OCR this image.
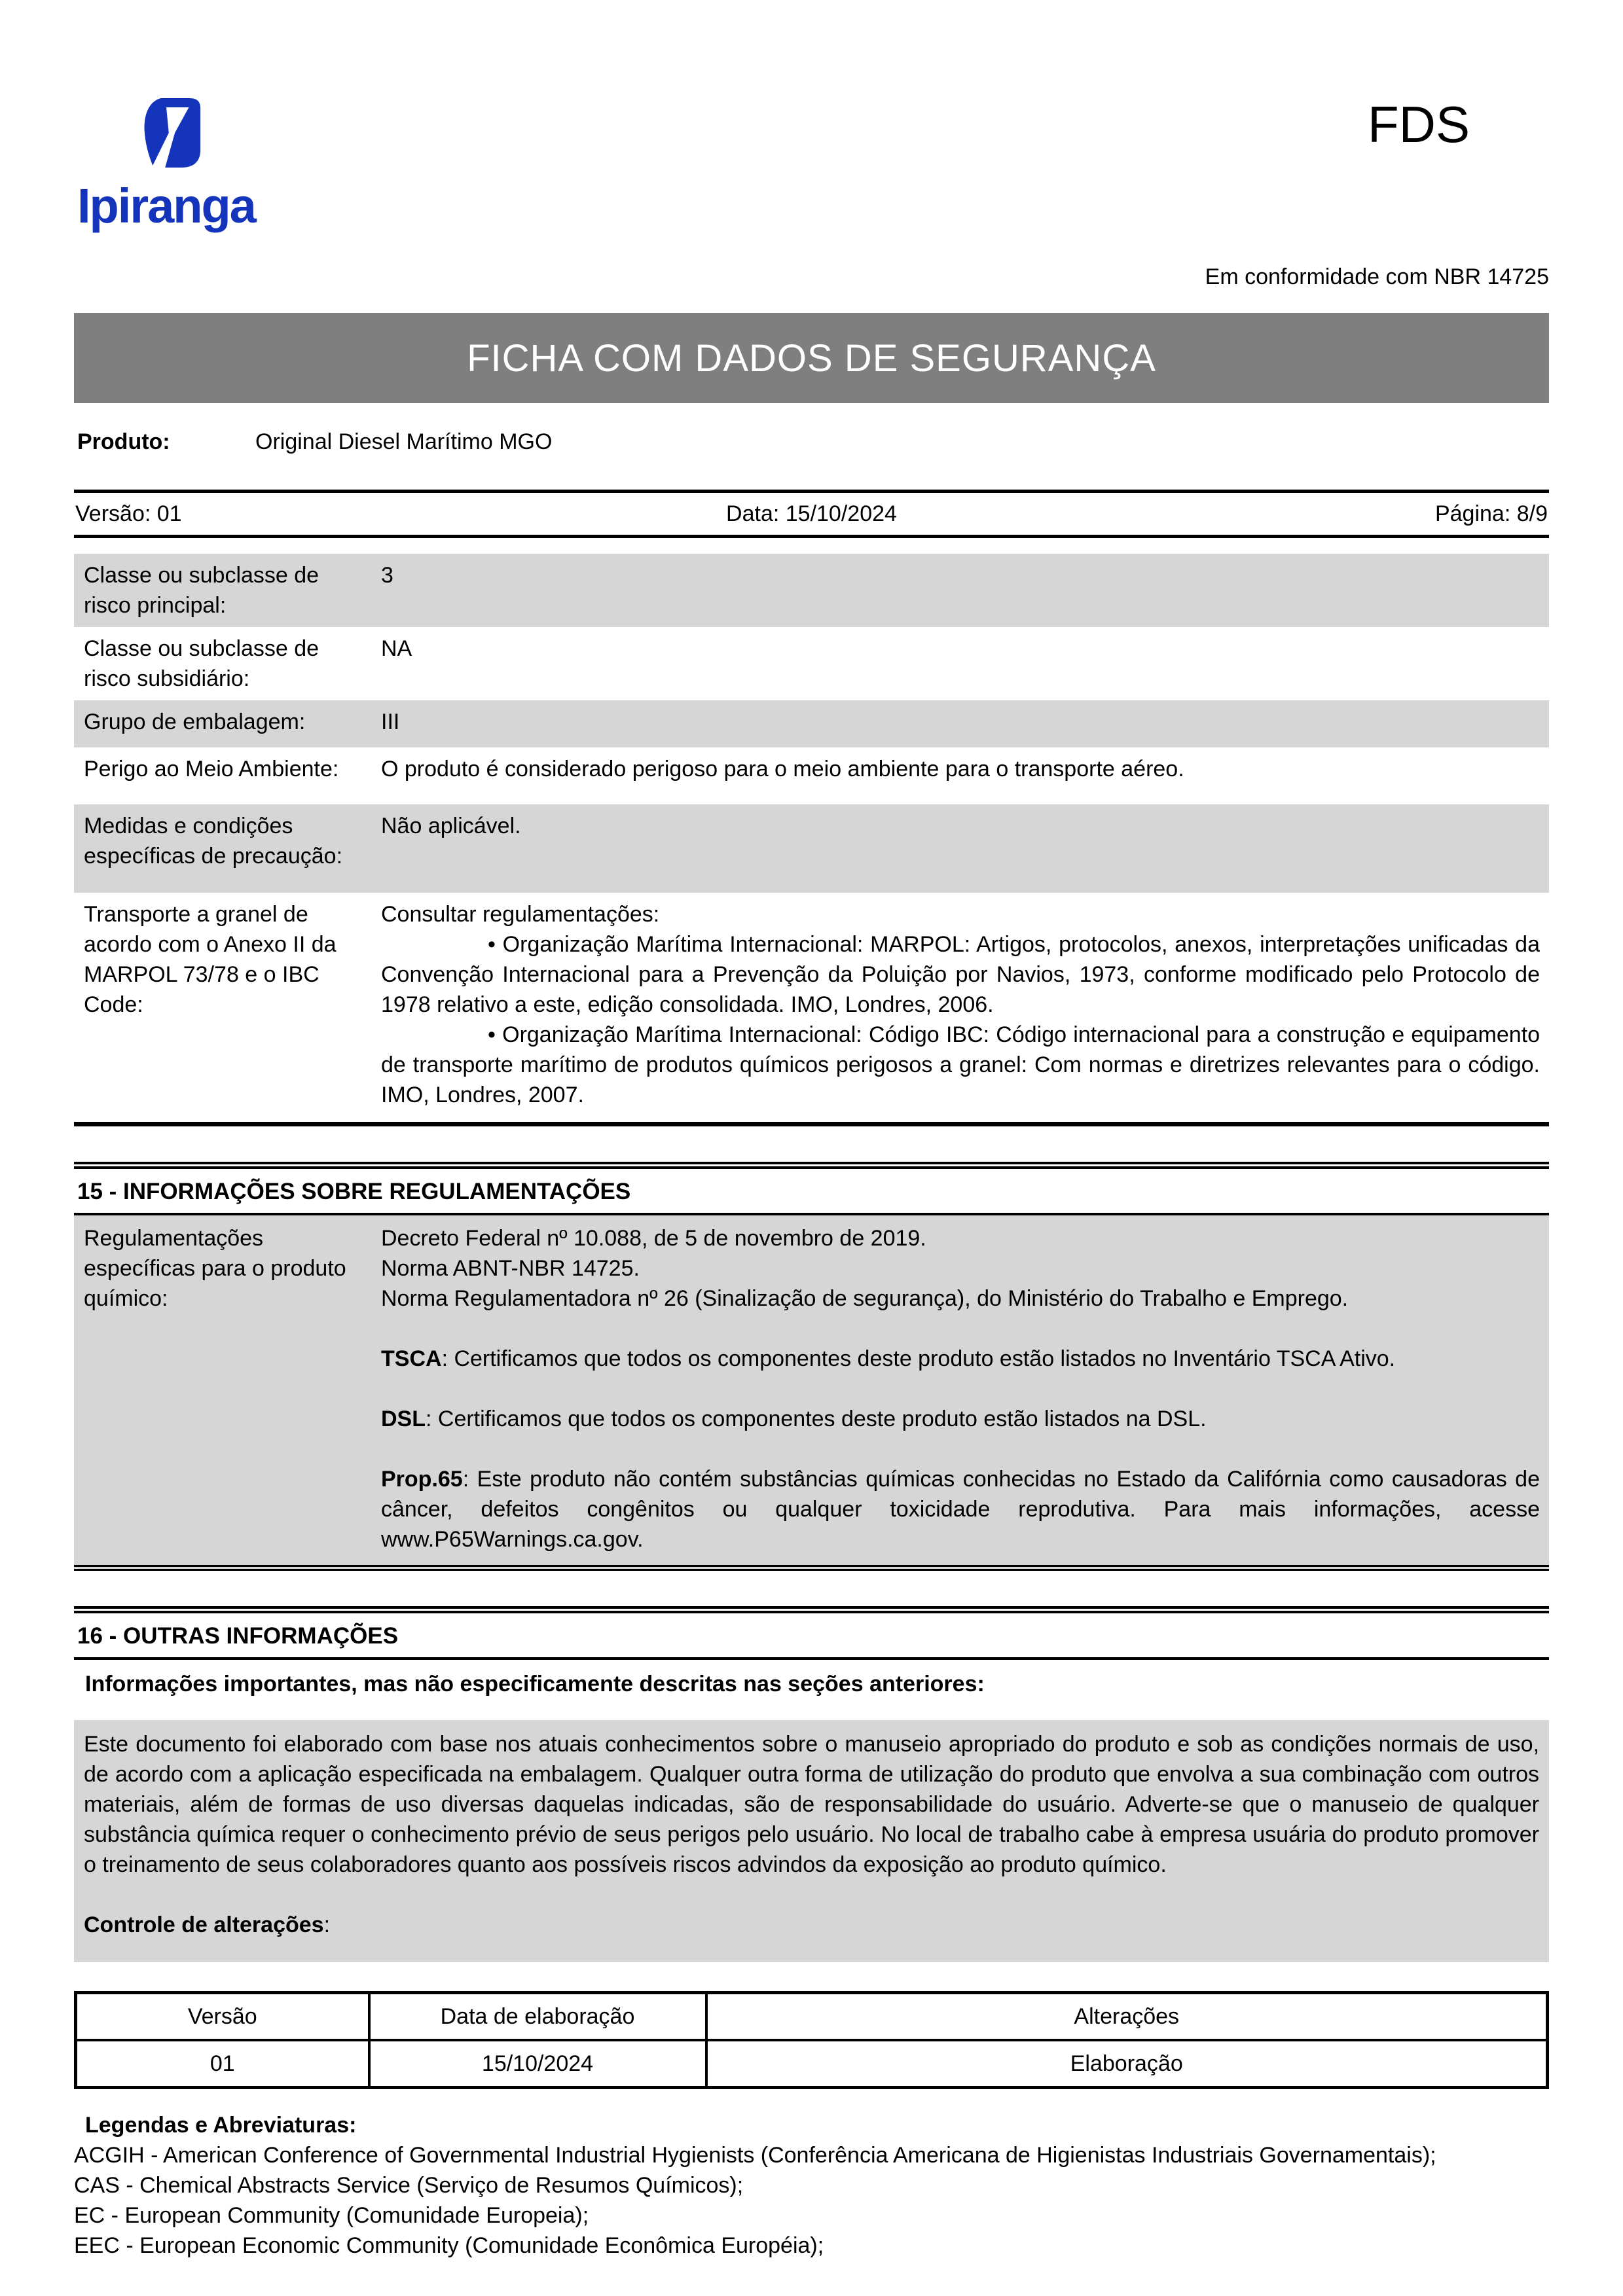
Ipiranga
FDS
Em conformidade com NBR 14725
FICHA COM DADOS DE SEGURANÇA
Produto:	Original Diesel Marítimo MGO
Versão: 01	Data: 15/10/2024	Página: 8/9
Classe ou subclasse de risco principal:
3
Classe ou subclasse de risco subsidiário:
NA
Grupo de embalagem:	III
Perigo ao Meio Ambiente:	O produto é considerado perigoso para o meio ambiente para o transporte aéreo.
Medidas e condições específicas de precaução:
Não aplicável.
Transporte a granel de acordo com o Anexo II da MARPOL 73/78 e o IBC Code:

Consultar regulamentações:

• Organização Marítima Internacional: MARPOL: Artigos, protocolos, anexos, interpretações unificadas da Convenção Internacional para a Prevenção da Poluição por Navios, 1973, conforme modificado pelo Protocolo de 1978 relativo a este, edição consolidada. IMO, Londres, 2006.

• Organização Marítima Internacional: Código IBC: Código internacional para a construção e equipamento de transporte marítimo de produtos químicos perigosos a granel: Com normas e diretrizes relevantes para o código. IMO, Londres, 2007.

15 - INFORMAÇÕES SOBRE REGULAMENTAÇÕES
Regulamentações específicas para o produto químico:

Decreto Federal nº 10.088, de 5 de novembro de 2019.

Norma ABNT-NBR 14725.

Norma Regulamentadora nº 26 (Sinalização de segurança), do Ministério do Trabalho e Emprego.

TSCA: Certificamos que todos os componentes deste produto estão listados no Inventário TSCA Ativo.

DSL: Certificamos que todos os componentes deste produto estão listados na DSL.

Prop.65: Este produto não contém substâncias químicas conhecidas no Estado da Califórnia como causadoras de câncer, defeitos congênitos ou qualquer toxicidade reprodutiva. Para mais informações, acesse www.P65Warnings.ca.gov.

16 - OUTRAS INFORMAÇÕES
Informações importantes, mas não especificamente descritas nas seções anteriores:

Este documento foi elaborado com base nos atuais conhecimentos sobre o manuseio apropriado do produto e sob as condições normais de uso, de acordo com a aplicação especificada na embalagem. Qualquer outra forma de utilização do produto que envolva a sua combinação com outros materiais, além de formas de uso diversas daquelas indicadas, são de responsabilidade do usuário. Adverte-se que o manuseio de qualquer substância química requer o conhecimento prévio de seus perigos pelo usuário. No local de trabalho cabe à empresa usuária do produto promover o treinamento de seus colaboradores quanto aos possíveis riscos advindos da exposição ao produto químico.

Controle de alterações:

Versão	Data de elaboração	Alterações
01	15/10/2024	Elaboração

Legendas e Abreviaturas:

ACGIH - American Conference of Governmental Industrial Hygienists (Conferência Americana de Higienistas Industriais Governamentais);

CAS - Chemical Abstracts Service (Serviço de Resumos Químicos);

EC - European Community (Comunidade Europeia);

EEC - European Economic Community (Comunidade Econômica Européia);
